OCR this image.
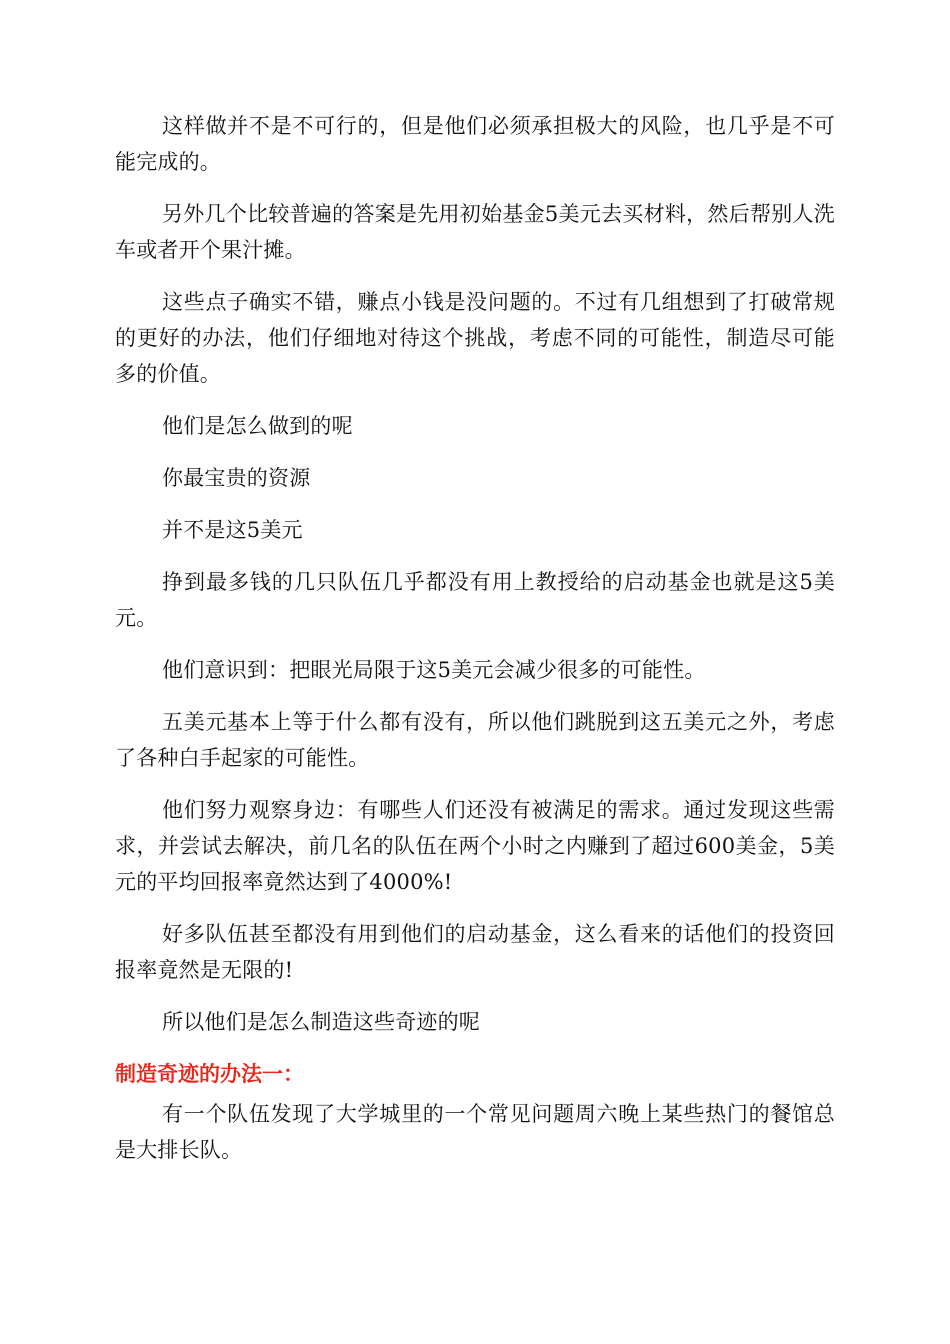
这样做并不是不可行的，但是他们必须承担极大的风险，也几乎是不可能完成的。

另外几个比较普遍的答案是先用初始基金5美元去买材料，然后帮别人洗车或者开个果汁摊。

这些点子确实不错，赚点小钱是没问题的。不过有几组想到了打破常规的更好的办法，他们仔细地对待这个挑战，考虑不同的可能性，制造尽可能多的价值。

他们是怎么做到的呢

你最宝贵的资源

并不是这5美元

挣到最多钱的几只队伍几乎都没有用上教授给的启动基金也就是这5美元。

他们意识到：把眼光局限于这5美元会减少很多的可能性。

五美元基本上等于什么都有没有，所以他们跳脱到这五美元之外，考虑了各种白手起家的可能性。

他们努力观察身边：有哪些人们还没有被满足的需求。通过发现这些需求，并尝试去解决，前几名的队伍在两个小时之内赚到了超过600美金，5美元的平均回报率竟然达到了4000%!

好多队伍甚至都没有用到他们的启动基金，这么看来的话他们的投资回报率竟然是无限的!

所以他们是怎么制造这些奇迹的呢

制造奇迹的办法一：

有一个队伍发现了大学城里的一个常见问题周六晚上某些热门的餐馆总是大排长队。
